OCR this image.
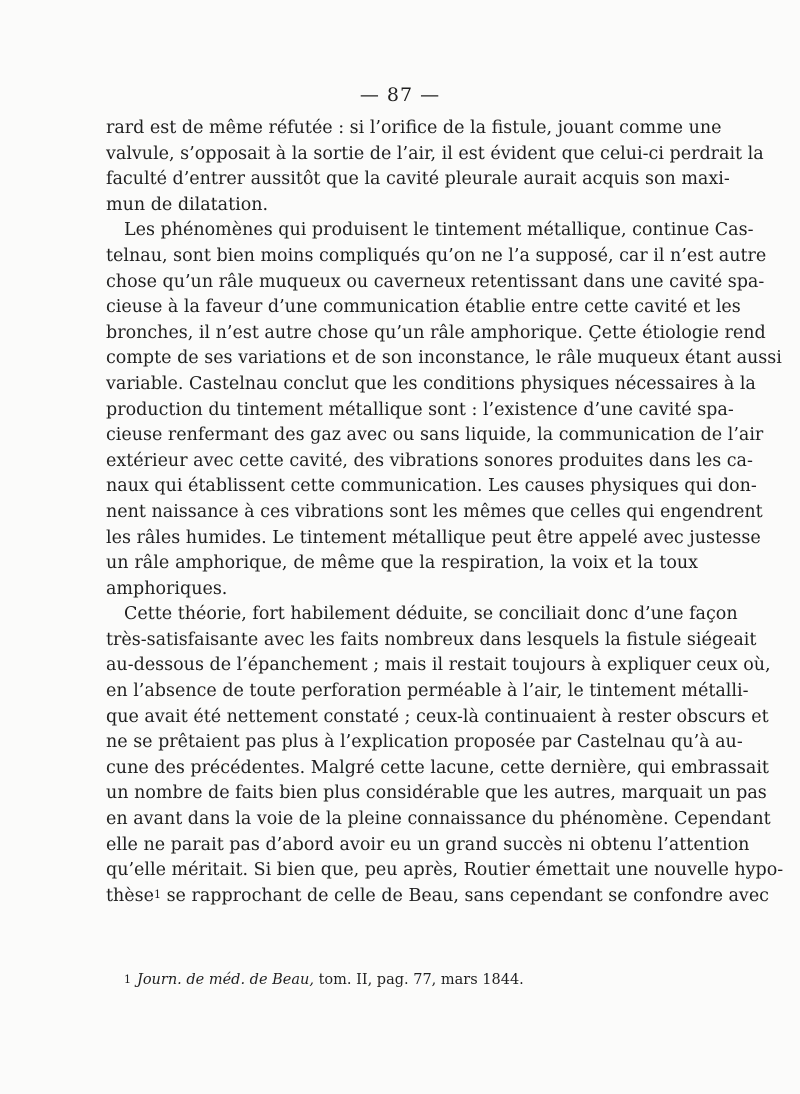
— 87 —

rard est de même réfutée : si l’orifice de la fistule, jouant comme une
valvule, s’opposait à la sortie de l’air, il est évident que celui-ci perdrait la
faculté d’entrer aussitôt que la cavité pleurale aurait acquis son maxi-
mun de dilatation.

Les phénomènes qui produisent le tintement métallique, continue Cas-
telnau, sont bien moins compliqués qu’on ne l’a supposé, car il n’est autre
chose qu’un râle muqueux ou caverneux retentissant dans une cavité spa-
cieuse à la faveur d’une communication établie entre cette cavité et les
bronches, il n’est autre chose qu’un râle amphorique. Çette étiologie rend
compte de ses variations et de son inconstance, le râle muqueux étant aussi
variable. Castelnau conclut que les conditions physiques nécessaires à la
production du tintement métallique sont : l’existence d’une cavité spa-
cieuse renfermant des gaz avec ou sans liquide, la communication de l’air
extérieur avec cette cavité, des vibrations sonores produites dans les ca-
naux qui établissent cette communication. Les causes physiques qui don-
nent naissance à ces vibrations sont les mêmes que celles qui engendrent
les râles humides. Le tintement métallique peut être appelé avec justesse
un râle amphorique, de même que la respiration, la voix et la toux
amphoriques.

Cette théorie, fort habilement déduite, se conciliait donc d’une façon
très-satisfaisante avec les faits nombreux dans lesquels la fistule siégeait
au-dessous de l’épanchement ; mais il restait toujours à expliquer ceux où,
en l’absence de toute perforation perméable à l’air, le tintement métalli-
que avait été nettement constaté ; ceux-là continuaient à rester obscurs et
ne se prêtaient pas plus à l’explication proposée par Castelnau qu’à au-
cune des précédentes. Malgré cette lacune, cette dernière, qui embrassait
un nombre de faits bien plus considérable que les autres, marquait un pas
en avant dans la voie de la pleine connaissance du phénomène. Cependant
elle ne parait pas d’abord avoir eu un grand succès ni obtenu l’attention
qu’elle méritait. Si bien que, peu après, Routier émettait une nouvelle hypo-
thèse$^1$ se rapprochant de celle de Beau, sans cependant se confondre avec

$^1$ Journ. de méd. de Beau, tom. II, pag. 77, mars 1844.
